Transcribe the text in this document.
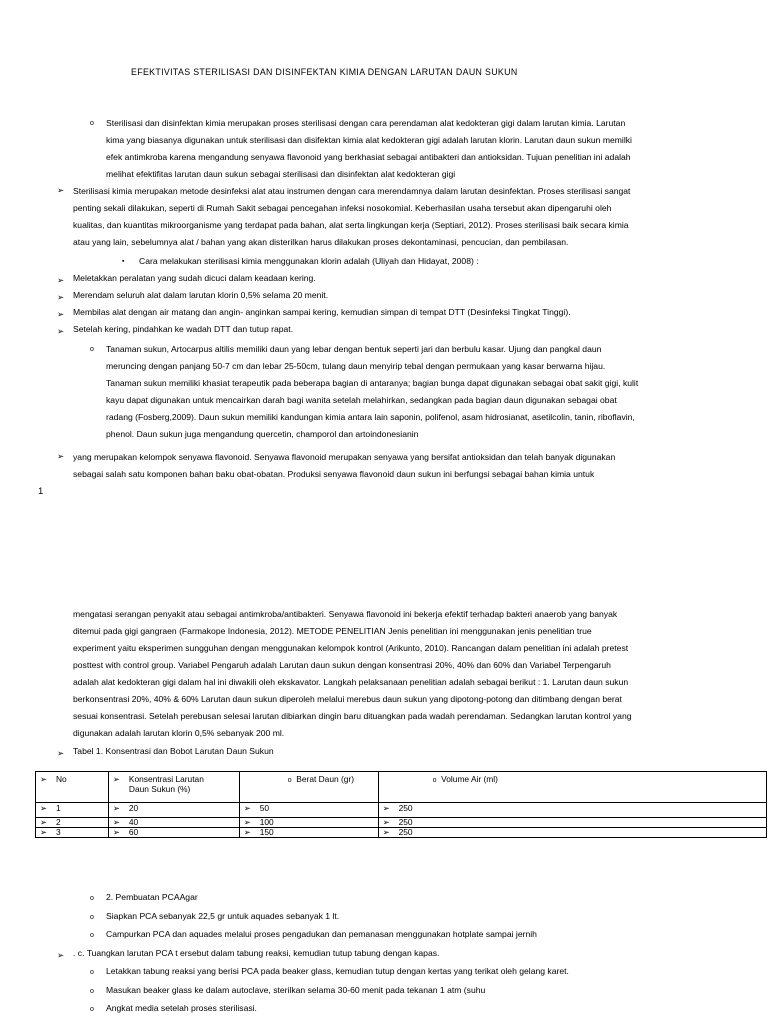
EFEKTIVITAS STERILISASI DAN DISINFEKTAN KIMIA DENGAN LARUTAN DAUN SUKUN
o Sterilisasi dan disinfektan kimia merupakan proses sterilisasi dengan cara perendaman alat kedokteran gigi dalam larutan kimia. Larutan
kima yang biasanya digunakan untuk sterilisasi dan disifektan kimia alat kedokteran gigi adalah larutan klorin. Larutan daun sukun memilki
efek antimkroba karena mengandung senyawa flavonoid yang berkhasiat sebagai antibakteri dan antioksidan. Tujuan penelitian ini adalah
melihat efektifitas larutan daun sukun sebagai sterilisasi dan disinfektan alat kedokteran gigi
➢ Sterilisasi kimia merupakan metode desinfeksi alat atau instrumen dengan cara merendamnya dalam larutan desinfektan. Proses sterilisasi sangat
penting sekali dilakukan, seperti di Rumah Sakit sebagai pencegahan infeksi nosokomial. Keberhasilan usaha tersebut akan dipengaruhi oleh
kualitas, dan kuantitas mikroorganisme yang terdapat pada bahan, alat serta lingkungan kerja (Septiari, 2012). Proses sterilisasi baik secara kimia
atau yang lain, sebelumnya alat / bahan yang akan disterilkan harus dilakukan proses dekontaminasi, pencucian, dan pembilasan.
▪ Cara melakukan sterilisasi kimia menggunakan klorin adalah (Uliyah dan Hidayat, 2008) :
➢ Meletakkan peralatan yang sudah dicuci dalam keadaan kering.
➢ Merendam seluruh alat dalam larutan klorin 0,5% selama 20 menit.
➢ Membilas alat dengan air matang dan angin- anginkan sampai kering, kemudian simpan di tempat DTT (Desinfeksi Tingkat Tinggi).
➢ Setelah kering, pindahkan ke wadah DTT dan tutup rapat.
o Tanaman sukun, Artocarpus altilis memiliki daun yang lebar dengan bentuk seperti jari dan berbulu kasar. Ujung dan pangkal daun
meruncing dengan panjang 50-7 cm dan lebar 25-50cm, tulang daun menyirip tebal dengan permukaan yang kasar berwarna hijau.
Tanaman sukun memiliki khasiat terapeutik pada beberapa bagian di antaranya; bagian bunga dapat digunakan sebagai obat sakit gigi, kulit
kayu dapat digunakan untuk mencairkan darah bagi wanita setelah melahirkan, sedangkan pada bagian daun digunakan sebagai obat
radang (Fosberg,2009). Daun sukun memiliki kandungan kimia antara lain saponin, polifenol, asam hidrosianat, asetilcolin, tanin, riboflavin,
phenol. Daun sukun juga mengandung quercetin, champorol dan artoindonesianin
➢ yang merupakan kelompok senyawa flavonoid. Senyawa flavonoid merupakan senyawa yang bersifat antioksidan dan telah banyak digunakan
sebagai salah satu komponen bahan baku obat-obatan. Produksi senyawa flavonoid daun sukun ini berfungsi sebagai bahan kimia untuk
1
mengatasi serangan penyakit atau sebagai antimkroba/antibakteri. Senyawa flavonoid ini bekerja efektif terhadap bakteri anaerob yang banyak
ditemui pada gigi gangraen (Farmakope Indonesia, 2012). METODE PENELITIAN Jenis penelitian ini menggunakan jenis penelitian true
experiment yaitu eksperimen sungguhan dengan menggunakan kelompok kontrol (Arikunto, 2010). Rancangan dalam penelitian ini adalah pretest
posttest with control group. Variabel Pengaruh adalah Larutan daun sukun dengan konsentrasi 20%, 40% dan 60% dan Variabel Terpengaruh
adalah alat kedokteran gigi dalam hal ini diwakili oleh ekskavator. Langkah pelaksanaan penelitian adalah sebagai berikut : 1. Larutan daun sukun
berkonsentrasi 20%, 40% & 60% Larutan daun sukun diperoleh melalui merebus daun sukun yang dipotong-potong dan ditimbang dengan berat
sesuai konsentrasi. Setelah perebusan selesai larutan dibiarkan dingin baru dituangkan pada wadah perendaman. Sedangkan larutan kontrol yang
digunakan adalah larutan klorin 0,5% sebanyak 200 ml.
➢ Tabel 1. Konsentrasi dan Bobot Larutan Daun Sukun
➢ No	➢ Konsentrasi Larutan
Daun Sukun (%)	o Berat Daun (gr)	o Volume Air (ml)
➢ 1	➢ 20	➢ 50	➢ 250
➢ 2	➢ 40	➢ 100	➢ 250
➢ 3	➢ 60	➢ 150	➢ 250
o 2. Pembuatan PCAAgar
o Siapkan PCA sebanyak 22,5 gr untuk aquades sebanyak 1 lt.
o Campurkan PCA dan aquades melalui proses pengadukan dan pemanasan menggunakan hotplate sampai jernih
➢ . c. Tuangkan larutan PCA t ersebut dalam tabung reaksi, kemudian tutup tabung dengan kapas.
o Letakkan tabung reaksi yang berisi PCA pada beaker glass, kemudian tutup dengan kertas yang terikat oleh gelang karet.
o Masukan beaker glass ke dalam autoclave, sterilkan selama 30-60 menit pada tekanan 1 atm (suhu
o Angkat media setelah proses sterilisasi.
